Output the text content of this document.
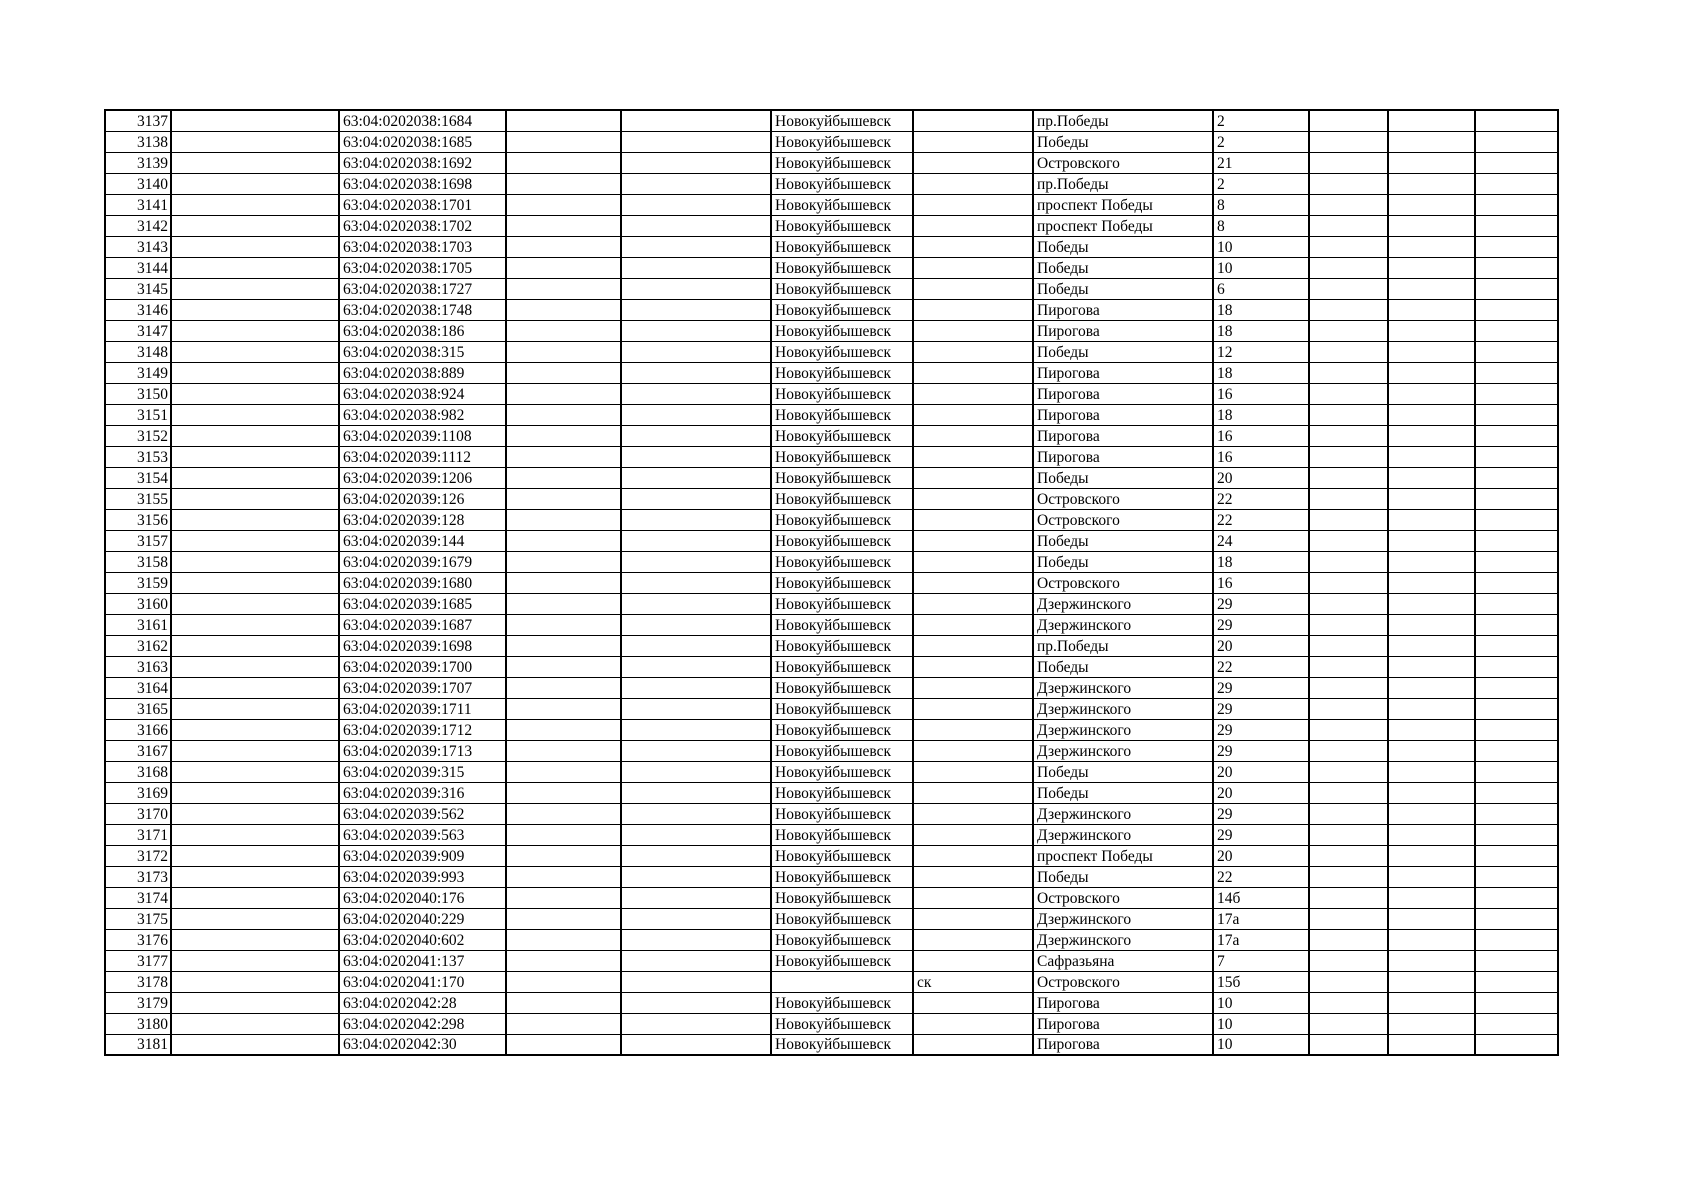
3137		63:04:0202038:1684			Новокуйбышевск		пр.Победы	2			
3138		63:04:0202038:1685			Новокуйбышевск		Победы	2			
3139		63:04:0202038:1692			Новокуйбышевск		Островского	21			
3140		63:04:0202038:1698			Новокуйбышевск		пр.Победы	2			
3141		63:04:0202038:1701			Новокуйбышевск		проспект Победы	8			
3142		63:04:0202038:1702			Новокуйбышевск		проспект Победы	8			
3143		63:04:0202038:1703			Новокуйбышевск		Победы	10			
3144		63:04:0202038:1705			Новокуйбышевск		Победы	10			
3145		63:04:0202038:1727			Новокуйбышевск		Победы	6			
3146		63:04:0202038:1748			Новокуйбышевск		Пирогова	18			
3147		63:04:0202038:186			Новокуйбышевск		Пирогова	18			
3148		63:04:0202038:315			Новокуйбышевск		Победы	12			
3149		63:04:0202038:889			Новокуйбышевск		Пирогова	18			
3150		63:04:0202038:924			Новокуйбышевск		Пирогова	16			
3151		63:04:0202038:982			Новокуйбышевск		Пирогова	18			
3152		63:04:0202039:1108			Новокуйбышевск		Пирогова	16			
3153		63:04:0202039:1112			Новокуйбышевск		Пирогова	16			
3154		63:04:0202039:1206			Новокуйбышевск		Победы	20			
3155		63:04:0202039:126			Новокуйбышевск		Островского	22			
3156		63:04:0202039:128			Новокуйбышевск		Островского	22			
3157		63:04:0202039:144			Новокуйбышевск		Победы	24			
3158		63:04:0202039:1679			Новокуйбышевск		Победы	18			
3159		63:04:0202039:1680			Новокуйбышевск		Островского	16			
3160		63:04:0202039:1685			Новокуйбышевск		Дзержинского	29			
3161		63:04:0202039:1687			Новокуйбышевск		Дзержинского	29			
3162		63:04:0202039:1698			Новокуйбышевск		пр.Победы	20			
3163		63:04:0202039:1700			Новокуйбышевск		Победы	22			
3164		63:04:0202039:1707			Новокуйбышевск		Дзержинского	29			
3165		63:04:0202039:1711			Новокуйбышевск		Дзержинского	29			
3166		63:04:0202039:1712			Новокуйбышевск		Дзержинского	29			
3167		63:04:0202039:1713			Новокуйбышевск		Дзержинского	29			
3168		63:04:0202039:315			Новокуйбышевск		Победы	20			
3169		63:04:0202039:316			Новокуйбышевск		Победы	20			
3170		63:04:0202039:562			Новокуйбышевск		Дзержинского	29			
3171		63:04:0202039:563			Новокуйбышевск		Дзержинского	29			
3172		63:04:0202039:909			Новокуйбышевск		проспект Победы	20			
3173		63:04:0202039:993			Новокуйбышевск		Победы	22			
3174		63:04:0202040:176			Новокуйбышевск		Островского	14б			
3175		63:04:0202040:229			Новокуйбышевск		Дзержинского	17а			
3176		63:04:0202040:602			Новокуйбышевск		Дзержинского	17а			
3177		63:04:0202041:137			Новокуйбышевск		Сафразьяна	7			
3178		63:04:0202041:170				ск	Островского	15б			
3179		63:04:0202042:28			Новокуйбышевск		Пирогова	10			
3180		63:04:0202042:298			Новокуйбышевск		Пирогова	10			
3181		63:04:0202042:30			Новокуйбышевск		Пирогова	10			
